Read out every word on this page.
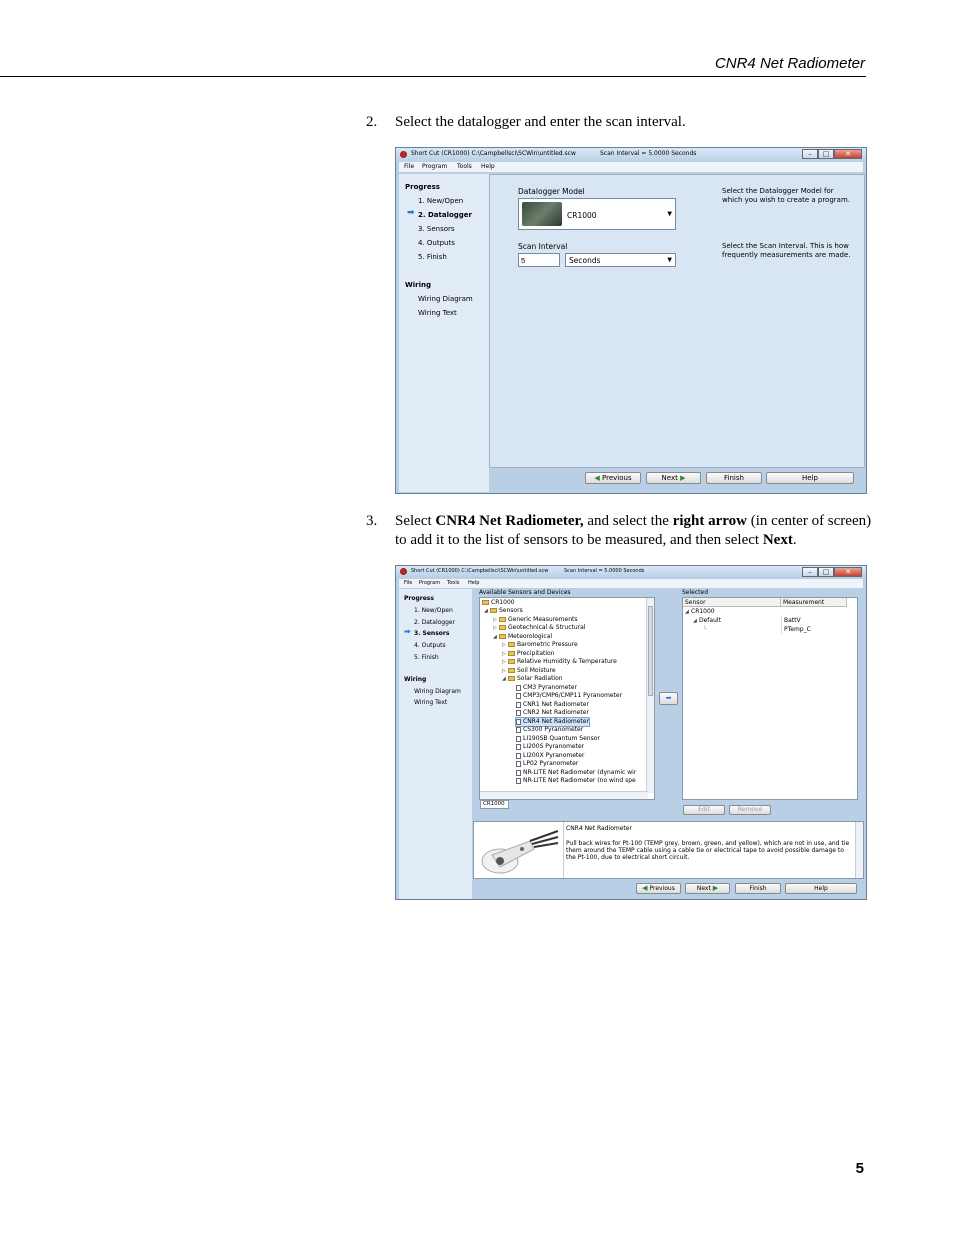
CNR4 Net Radiometer
2. Select the datalogger and enter the scan interval.
Short Cut (CR1000) C:\Campbellsci\SCWin\untitled.scw	Scan Interval = 5.0000 Seconds	–	□	✕
File Program Tools Help
Progress
1. New/Open
➡ 2. Datalogger
3. Sensors
4. Outputs
5. Finish
Wiring
Wiring Diagram
Wiring Text
Datalogger Model
CR1000	▼
Select the Datalogger Model for which you wish to create a program.
Scan Interval
5
Seconds	▼
Select the Scan Interval. This is how frequently measurements are made.
◀ Previous	Next ▶	Finish	Help
3. Select CNR4 Net Radiometer, and select the right arrow (in center of screen) to add it to the list of sensors to be measured, and then select Next.
Short Cut (CR1000) C:\Campbellsci\SCWin\untitled.scw	Scan Interval = 5.0000 Seconds	–	□	✕
File Program Tools Help
Progress
1. New/Open
2. Datalogger
➡ 3. Sensors
4. Outputs
5. Finish
Wiring
Wiring Diagram
Wiring Text
Available Sensors and Devices
CR1000
◢ Sensors
▷ Generic Measurements
▷ Geotechnical & Structural
◢ Meteorological
▷ Barometric Pressure
▷ Precipitation
▷ Relative Humidity & Temperature
▷ Soil Moisture
◢ Solar Radiation
CM3 Pyranometer
CMP3/CMP6/CMP11 Pyranometer
CNR1 Net Radiometer
CNR2 Net Radiometer
CNR4 Net Radiometer
CS300 Pyranometer
LI190SB Quantum Sensor
LI200S Pyranometer
LI200X Pyranometer
LP02 Pyranometer
NR-LITE Net Radiometer (dynamic wir
NR-LITE Net Radiometer (no wind spe
CR1000
➡
Selected
Sensor	Measurement
◢ CR1000
◢ Default	BattV
└	PTemp_C
Edit	Remove
CNR4 Net Radiometer
Pull back wires for Pt-100 (TEMP grey, brown, green, and yellow), which are not in use, and tie them around the TEMP cable using a cable tie or electrical tape to avoid possible damage to the Pt-100, due to electrical short circuit.
◀ Previous	Next ▶	Finish	Help
5
